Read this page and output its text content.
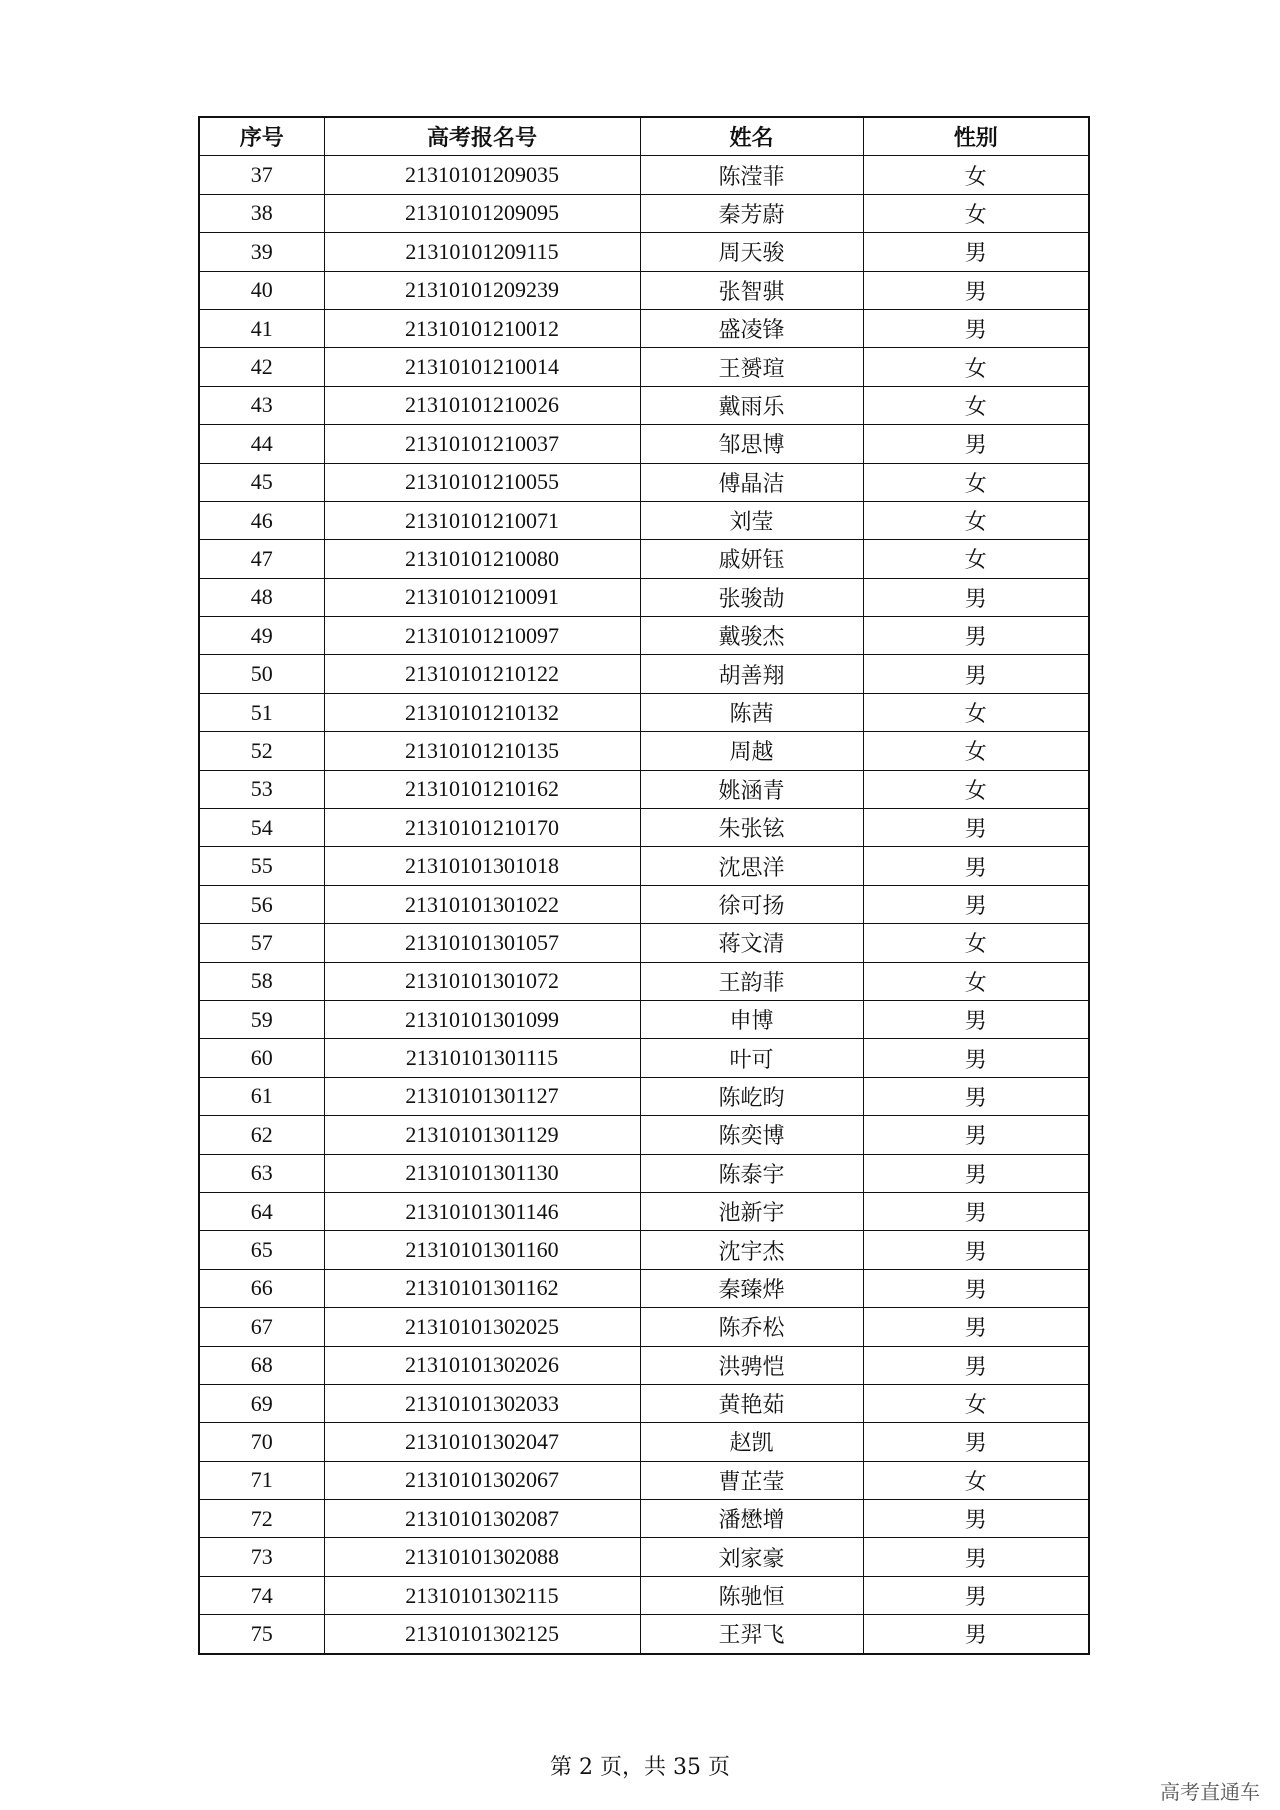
序号	高考报名号	姓名	性别
37	21310101209035	陈滢菲	女
38	21310101209095	秦芳蔚	女
39	21310101209115	周天骏	男
40	21310101209239	张智骐	男
41	21310101210012	盛凌锋	男
42	21310101210014	王赟瑄	女
43	21310101210026	戴雨乐	女
44	21310101210037	邹思博	男
45	21310101210055	傅晶洁	女
46	21310101210071	刘莹	女
47	21310101210080	戚妍钰	女
48	21310101210091	张骏劼	男
49	21310101210097	戴骏杰	男
50	21310101210122	胡善翔	男
51	21310101210132	陈茜	女
52	21310101210135	周越	女
53	21310101210162	姚涵青	女
54	21310101210170	朱张铉	男
55	21310101301018	沈思洋	男
56	21310101301022	徐可扬	男
57	21310101301057	蒋文清	女
58	21310101301072	王韵菲	女
59	21310101301099	申博	男
60	21310101301115	叶可	男
61	21310101301127	陈屹昀	男
62	21310101301129	陈奕博	男
63	21310101301130	陈泰宇	男
64	21310101301146	池新宇	男
65	21310101301160	沈宇杰	男
66	21310101301162	秦臻烨	男
67	21310101302025	陈乔松	男
68	21310101302026	洪骋恺	男
69	21310101302033	黄艳茹	女
70	21310101302047	赵凯	男
71	21310101302067	曹芷莹	女
72	21310101302087	潘懋增	男
73	21310101302088	刘家豪	男
74	21310101302115	陈驰恒	男
75	21310101302125	王羿飞	男
第 2 页，共 35 页
高考直通车
